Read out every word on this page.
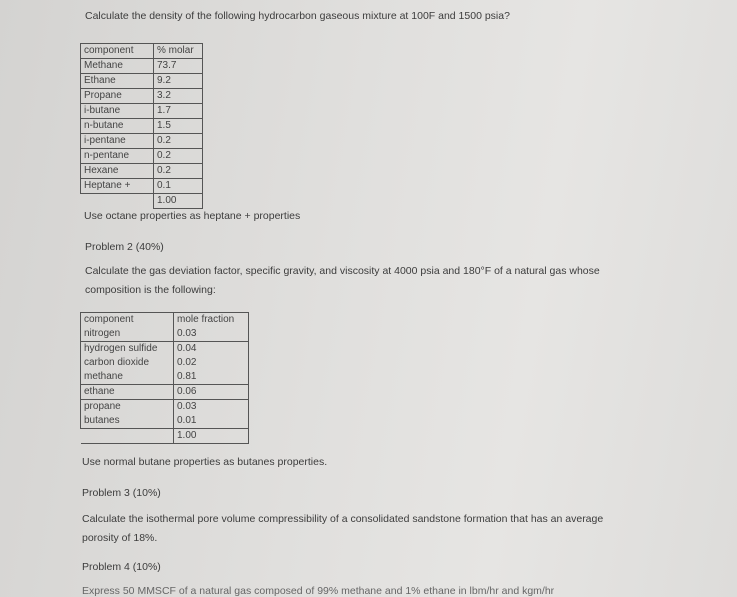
Calculate the density of the following hydrocarbon gaseous mixture at 100F and 1500 psia?
component	% molar
Methane	73.7
Ethane	9.2
Propane	3.2
i-butane	1.7
n-butane	1.5
i-pentane	0.2
n-pentane	0.2
Hexane	0.2
Heptane +	0.1
	1.00
Use octane properties as heptane + properties
Problem 2 (40%)
Calculate the gas deviation factor, specific gravity, and viscosity at 4000 psia and 180°F of a natural gas whose composition is the following:
component	mole fraction
nitrogen	0.03
hydrogen sulfide	0.04
carbon dioxide	0.02
methane	0.81
ethane	0.06
propane	0.03
butanes	0.01
	1.00
Use normal butane properties as butanes properties.
Problem 3 (10%)
Calculate the isothermal pore volume compressibility of a consolidated sandstone formation that has an average porosity of 18%.
Problem 4 (10%)
Express 50 MMSCF of a natural gas composed of 99% methane and 1% ethane in lbm/hr and kgm/hr
